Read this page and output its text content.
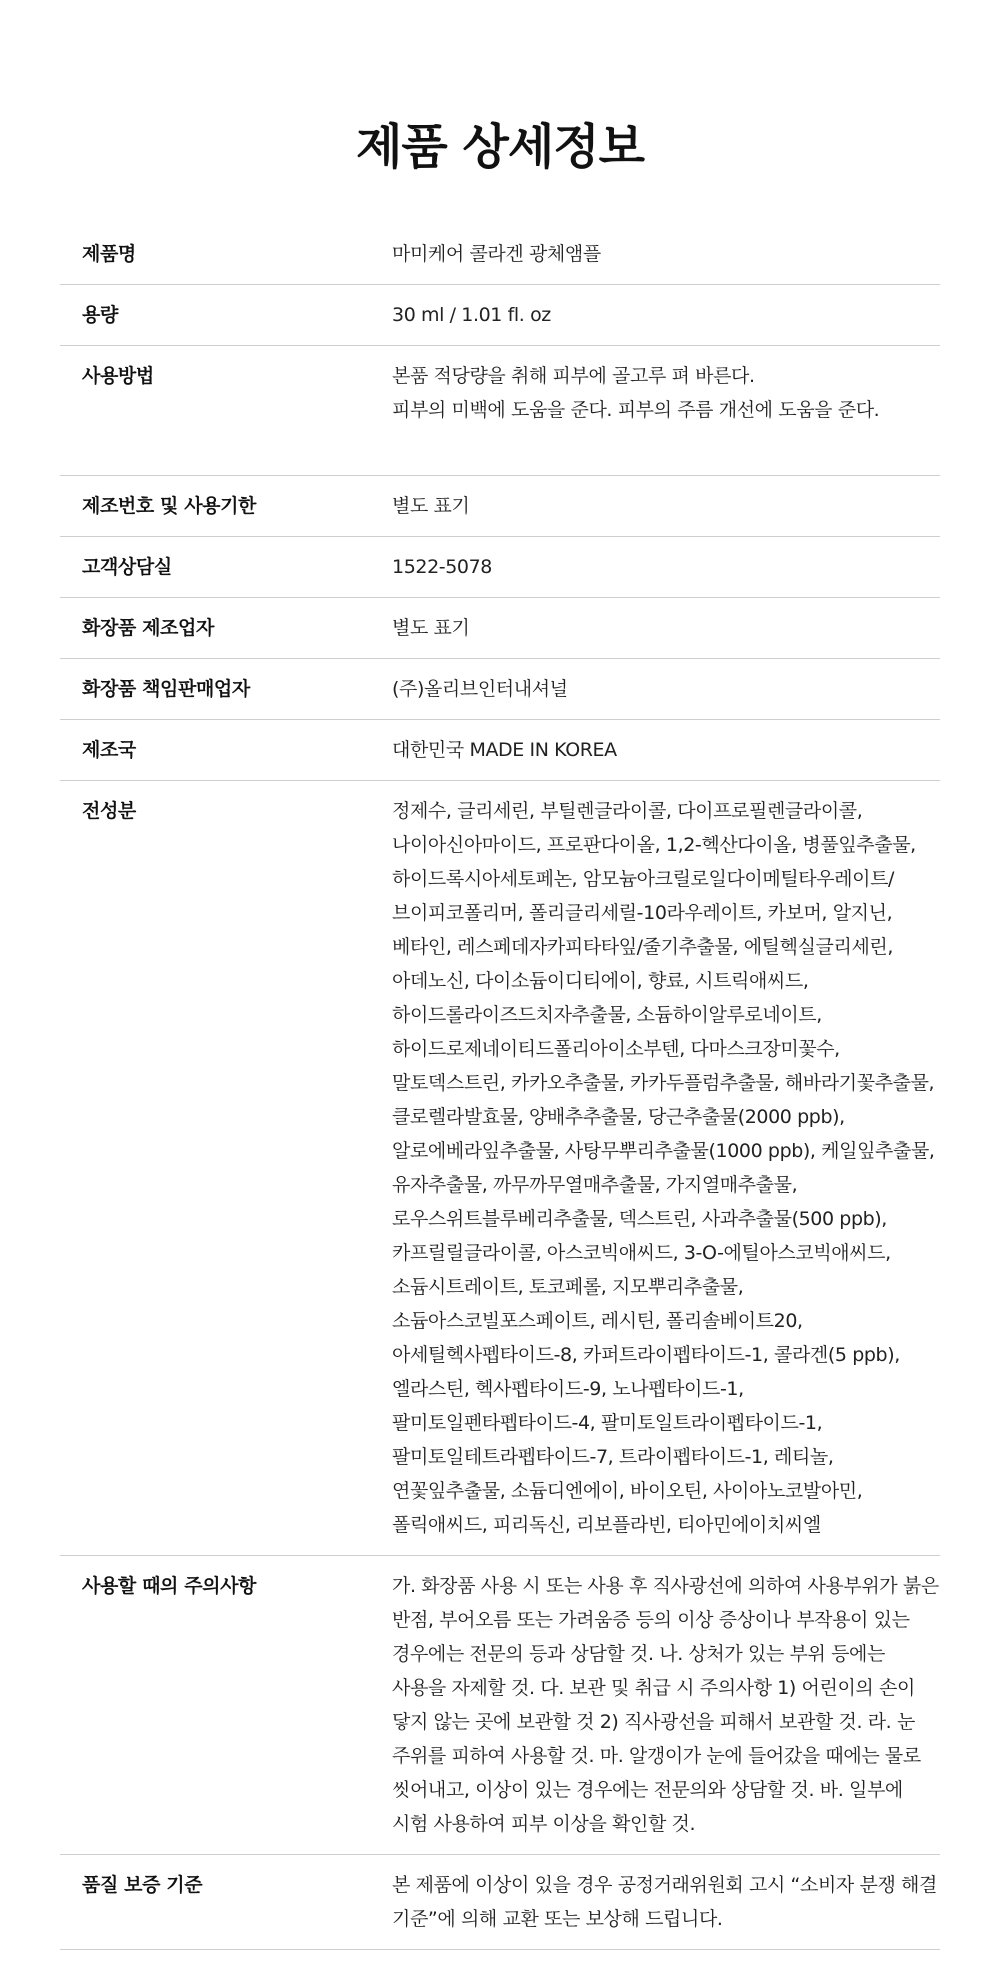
제품 상세정보
제품명	마미케어 콜라겐 광체앰플
용량	30 ml / 1.01 fl. oz
사용방법	본품 적당량을 취해 피부에 골고루 펴 바른다.
피부의 미백에 도움을 준다. 피부의 주름 개선에 도움을 준다.

제조번호 및 사용기한	별도 표기
고객상담실	1522-5078
화장품 제조업자	별도 표기
화장품 책임판매업자	(주)올리브인터내셔널
제조국	대한민국 MADE IN KOREA
전성분	정제수, 글리세린, 부틸렌글라이콜, 다이프로필렌글라이콜, 나이아신아마이드, 프로판다이올, 1,2-헥산다이올, 병풀잎추출물, 하이드록시아세토페논, 암모늄아크릴로일다이메틸타우레이트/브이피코폴리머, 폴리글리세릴-10라우레이트, 카보머, 알지닌, 베타인, 레스페데자카피타타잎/줄기추출물, 에틸헥실글리세린, 아데노신, 다이소듐이디티에이, 향료, 시트릭애씨드, 하이드롤라이즈드치자추출물, 소듐하이알루로네이트, 하이드로제네이티드폴리아이소부텐, 다마스크장미꽃수, 말토덱스트린, 카카오추출물, 카카두플럼추출물, 해바라기꽃추출물, 클로렐라발효물, 양배추추출물, 당근추출물(2000 ppb), 알로에베라잎추출물, 사탕무뿌리추출물(1000 ppb), 케일잎추출물, 유자추출물, 까무까무열매추출물, 가지열매추출물, 로우스위트블루베리추출물, 덱스트린, 사과추출물(500 ppb), 카프릴릴글라이콜, 아스코빅애씨드, 3-O-에틸아스코빅애씨드, 소듐시트레이트, 토코페롤, 지모뿌리추출물, 소듐아스코빌포스페이트, 레시틴, 폴리솔베이트20, 아세틸헥사펩타이드-8, 카퍼트라이펩타이드-1, 콜라겐(5 ppb), 엘라스틴, 헥사펩타이드-9, 노나펩타이드-1, 팔미토일펜타펩타이드-4, 팔미토일트라이펩타이드-1, 팔미토일테트라펩타이드-7, 트라이펩타이드-1, 레티놀, 연꽃잎추출물, 소듐디엔에이, 바이오틴, 사이아노코발아민, 폴릭애씨드, 피리독신, 리보플라빈, 티아민에이치씨엘
사용할 때의 주의사항	가. 화장품 사용 시 또는 사용 후 직사광선에 의하여 사용부위가 붉은 반점, 부어오름 또는 가려움증 등의 이상 증상이나 부작용이 있는 경우에는 전문의 등과 상담할 것. 나. 상처가 있는 부위 등에는 사용을 자제할 것. 다. 보관 및 취급 시 주의사항 1) 어린이의 손이 닿지 않는 곳에 보관할 것 2) 직사광선을 피해서 보관할 것. 라. 눈 주위를 피하여 사용할 것. 마. 알갱이가 눈에 들어갔을 때에는 물로 씻어내고, 이상이 있는 경우에는 전문의와 상담할 것. 바. 일부에 시험 사용하여 피부 이상을 확인할 것.
품질 보증 기준	본 제품에 이상이 있을 경우 공정거래위원회 고시 “소비자 분쟁 해결 기준”에 의해 교환 또는 보상해 드립니다.
